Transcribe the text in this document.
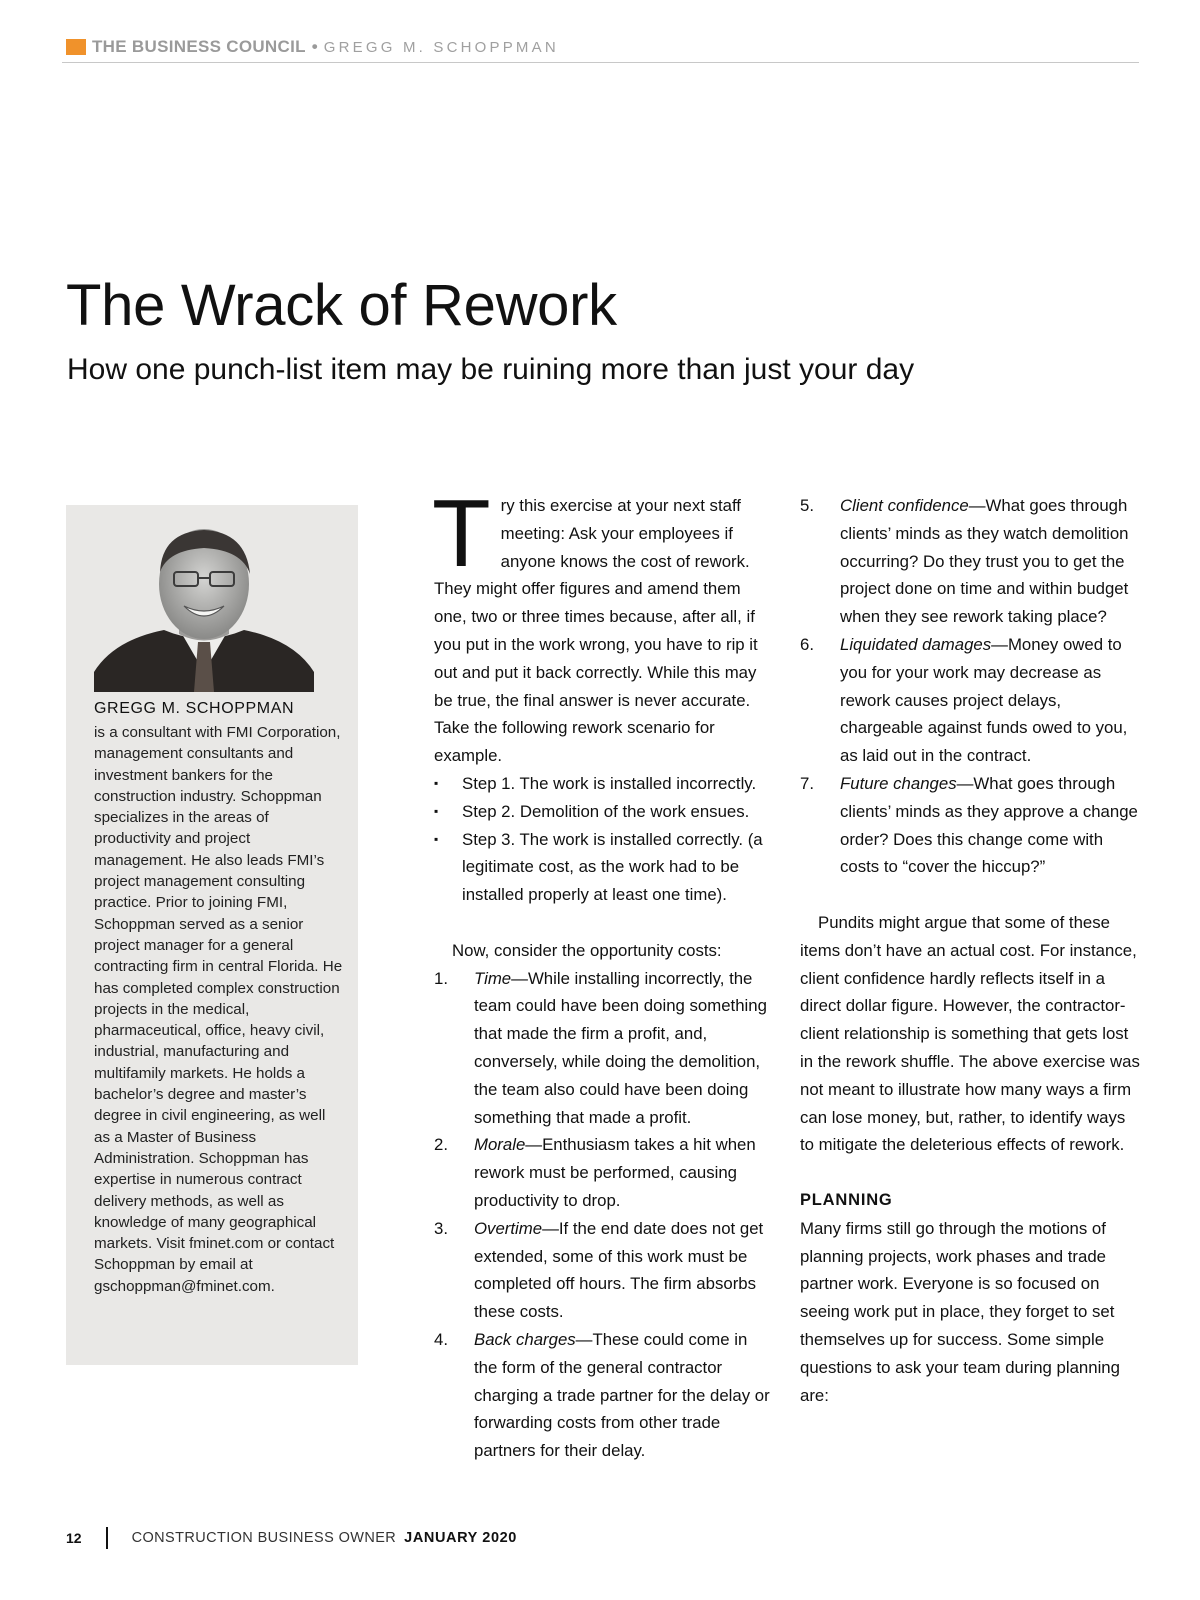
THE BUSINESS COUNCIL • GREGG M. SCHOPPMAN
The Wrack of Rework
How one punch-list item may be ruining more than just your day
GREGG M. SCHOPPMAN

is a consultant with FMI Corporation, management consultants and investment bankers for the construction industry. Schoppman specializes in the areas of productivity and project management. He also leads FMI’s project management consulting practice. Prior to joining FMI, Schoppman served as a senior project manager for a general contracting firm in central Florida. He has completed complex construction projects in the medical, pharmaceutical, office, heavy civil, industrial, manufacturing and multifamily markets. He holds a bachelor’s degree and master’s degree in civil engineering, as well as a Master of Business Administration. Schoppman has expertise in numerous contract delivery methods, as well as knowledge of many geographical markets. Visit fminet.com or contact Schoppman by email at gschoppman@fminet.com.

T ry this exercise at your next staff meeting: Ask your employees if anyone knows the cost of rework. They might offer figures and amend them one, two or three times because, after all, if you put in the work wrong, you have to rip it out and put it back correctly. While this may be true, the final answer is never accurate. Take the following rework scenario for example.
▪ Step 1. The work is installed incorrectly.
▪ Step 2. Demolition of the work ensues.
▪ Step 3. The work is installed correctly. (a legitimate cost, as the work had to be installed properly at least one time).

Now, consider the opportunity costs:

1. Time—While installing incorrectly, the team could have been doing something that made the firm a profit, and, conversely, while doing the demolition, the team also could have been doing something that made a profit.
2. Morale—Enthusiasm takes a hit when rework must be performed, causing productivity to drop.
3. Overtime—If the end date does not get extended, some of this work must be completed off hours. The firm absorbs these costs.
4. Back charges—These could come in the form of the general contractor charging a trade partner for the delay or forwarding costs from other trade partners for their delay.
5. Client confidence—What goes through clients’ minds as they watch demolition occurring? Do they trust you to get the project done on time and within budget when they see rework taking place?
6. Liquidated damages—Money owed to you for your work may decrease as rework causes project delays, chargeable against funds owed to you, as laid out in the contract.
7. Future changes—What goes through clients’ minds as they approve a change order? Does this change come with costs to “cover the hiccup?”

Pundits might argue that some of these items don’t have an actual cost. For instance, client confidence hardly reflects itself in a direct dollar figure. However, the contractor-client relationship is something that gets lost in the rework shuffle. The above exercise was not meant to illustrate how many ways a firm can lose money, but, rather, to identify ways to mitigate the deleterious effects of rework.

PLANNING

Many firms still go through the motions of planning projects, work phases and trade partner work. Everyone is so focused on seeing work put in place, they forget to set themselves up for success. Some simple questions to ask your team during planning are:

12	CONSTRUCTION BUSINESS OWNER JANUARY 2020
